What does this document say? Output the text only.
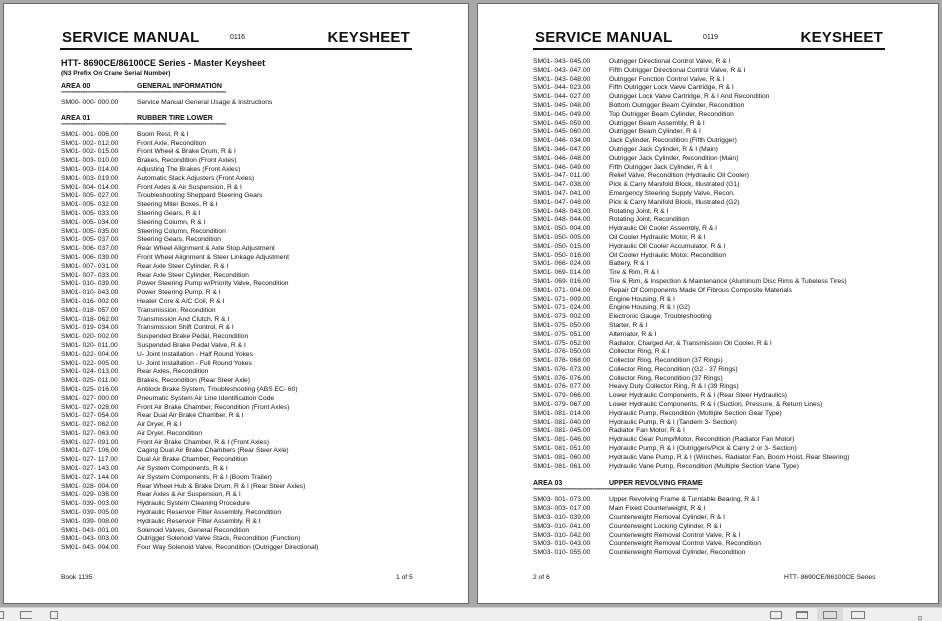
SERVICE MANUAL	0116	KEYSHEET
HTT- 8690CE/86100CE Series - Master Keysheet
(N3 Prefix On Crane Serial Number)
AREA 00	GENERAL INFORMATION
***********************************************************************************************
SM00- 000- 000.00	Service Manual General Usage & Instructions
AREA 01	RUBBER TIRE LOWER
***********************************************************************************************
SM01- 001- 006.00	Boom Rest, R & I
SM01- 002- 012.00	Front Axle, Recondition
SM01- 002- 015.00	Front Wheel & Brake Drum, R & I
SM01- 003- 010.00	Brakes, Recondition (Front Axles)
SM01- 003- 014.00	Adjusting The Brakes (Front Axles)
SM01- 003- 019.00	Automatic Slack Adjusters (Front Axles)
SM01- 004- 014.00	Front Axles & Air Suspension, R & I
SM01- 005- 027.00	Troubleshooting Sheppard Steering Gears
SM01- 005- 032.00	Steering Miter Boxes, R & I
SM01- 005- 033.00	Steering Gears, R & I
SM01- 005- 034.00	Steering Column, R & I
SM01- 005- 035.00	Steering Column, Recondition
SM01- 005- 037.00	Steering Gears, Recondition
SM01- 006- 037.00	Rear Wheel Alignment & Axle Stop Adjustment
SM01- 006- 039.00	Front Wheel Alignment & Steer Linkage Adjustment
SM01- 007- 031.00	Rear Axle Steer Cylinder, R & I
SM01- 007- 033.00	Rear Axle Steer Cylinder, Recondition
SM01- 010- 039.00	Power Steering Pump w/Priority Valve, Recondition
SM01- 010- 043.00	Power Steering Pump, R & I
SM01- 016- 002.00	Heater Core & A/C Coil, R & I
SM01- 018- 057.00	Transmission, Recondition
SM01- 018- 062.00	Transmission And Clutch, R & I
SM01- 019- 034.00	Transmission Shift Control, R & I
SM01- 020- 002.00	Suspended Brake Pedal, Recondition
SM01- 020- 011.00	Suspended Brake Pedal Valve, R & I
SM01- 022- 004.00	U- Joint Installation - Half Round Yokes
SM01- 022- 005.00	U- Joint Installation - Full Round Yokes
SM01- 024- 013.00	Rear Axles, Recondition
SM01- 025- 011.00	Brakes, Recondition (Rear Steer Axle)
SM01- 025- 016.00	Antilock Brake System, Troubleshooting (ABS EC- 60)
SM01- 027- 000.00	Pneumatic System Air Line Identification Code
SM01- 027- 028.00	Front Air Brake Chamber, Recondition (Front Axles)
SM01- 027- 054.00	Rear Dual Air Brake Chamber, R & I
SM01- 027- 062.00	Air Dryer, R & I
SM01- 027- 063.00	Air Dryer, Recondition
SM01- 027- 091.00	Front Air Brake Chamber, R & I (Front Axles)
SM01- 027- 106.00	Caging Dual Air Brake Chambers (Rear Steer Axle)
SM01- 027- 117.00	Dual Air Brake Chamber, Recondition
SM01- 027- 143.00	Air System Components, R & I
SM01- 027- 144.00	Air System Components, R & I (Boom Trailer)
SM01- 028- 004.00	Rear Wheel Hub & Brake Drum, R & I (Rear Steer Axles)
SM01- 029- 036.00	Rear Axles & Air Suspension, R & I
SM01- 039- 003.00	Hydraulic System Cleaning Procedure
SM01- 039- 005.00	Hydraulic Reservoir Filter Assembly, Recondition
SM01- 039- 008.00	Hydraulic Reservoir Filter Assembly, R & I
SM01- 043- 001.00	Solenoid Valves, General Recondition
SM01- 043- 003.00	Outrigger Solenoid Valve Stack, Recondition (Function)
SM01- 043- 004.00	Four Way Solenoid Valve, Recondition (Outrigger Directional)
Book 1135	1 of 5
SERVICE MANUAL	0119	KEYSHEET
SM01- 043- 045.00	Outrigger Directional Control Valve, R & I
SM01- 043- 047.00	Fifth Outrigger Directional Control Valve, R & I
SM01- 043- 048.00	Outrigger Function Control Valve, R & I
SM01- 044- 023.00	Fifth Outrigger Lock Valve Cartridge, R & I
SM01- 044- 027.00	Outrigger Lock Valve Cartridge, R & I And Recondition
SM01- 045- 048.00	Bottom Outrigger Beam Cylinder, Recondition
SM01- 045- 049.00	Top Outrigger Beam Cylinder, Recondition
SM01- 045- 059.00	Outrigger Beam Assembly, R & I
SM01- 045- 060.00	Outrigger Beam Cylinder, R & I
SM01- 046- 034.00	Jack Cylinder, Recondition (Fifth Outrigger)
SM01- 046- 047.00	Outrigger Jack Cylinder, R & I (Main)
SM01- 046- 048.00	Outrigger Jack Cylinder, Recondition (Main)
SM01- 046- 049.00	Fifth Outrigger Jack Cylinder, R & I
SM01- 047- 011.00	Relief Valve, Recondition (Hydraulic Oil Cooler)
SM01- 047- 038.00	Pick & Carry Manifold Block, Illustrated (G1)
SM01- 047- 041.00	Emergency Steering Supply Valve, Recon.
SM01- 047- 048.00	Pick & Carry Manifold Block, Illustrated (G2)
SM01- 048- 043.00	Rotating Joint, R & I
SM01- 048- 044.00	Rotating Joint, Recondition
SM01- 050- 004.00	Hydraulic Oil Cooler Assembly, R & I
SM01- 050- 005.00	Oil Cooler Hydraulic Motor, R & I
SM01- 050- 015.00	Hydraulic Oil Cooler Accumulator, R & I
SM01- 050- 016.00	Oil Cooler Hydraulic Motor, Recondition
SM01- 066- 024.00	Battery, R & I
SM01- 069- 014.00	Tire & Rim, R & I
SM01- 069- 016.00	Tire & Rim, & Inspection & Maintenance (Aluminum Disc Rims & Tubeless Tires)
SM01- 071- 004.00	Repair Of Components Made Of Fibrous Composite Materials
SM01- 071- 009.00	Engine Housing, R & I
SM01- 071- 024.00	Engine Housing, R & I (G2)
SM01- 073- 002.00	Electronic Gauge, Troubleshooting
SM01- 075- 050.00	Starter, R & I
SM01- 075- 051.00	Alternator, R & I
SM01- 075- 052.00	Radiator, Charged Air, & Transmission Oil Cooler, R & I
SM01- 076- 050.00	Collector Ring, R & I
SM01- 076- 068.00	Collector Ring, Recondition (37 Rings)
SM01- 076- 073.00	Collector Ring, Recondition (G2 - 37 Rings)
SM01- 076- 076.00	Collector Ring, Recondition (37 Rings)
SM01- 076- 077.00	Heavy Duty Collector Ring, R & I (39 Rings)
SM01- 079- 066.00	Lower Hydraulic Components, R & I (Rear Steer Hydraulics)
SM01- 079- 067.00	Lower Hydraulic Components, R & I (Suction, Pressure, & Return Lines)
SM01- 081- 014.00	Hydraulic Pump, Recondition (Multiple Section Gear Type)
SM01- 081- 040.00	Hydraulic Pump, R & I (Tandem 3- Section)
SM01- 081- 045.00	Radiator Fan Motor, R & I
SM01- 081- 046.00	Hydraulic Gear Pump/Motor, Recondition (Radiator Fan Motor)
SM01- 081- 051.00	Hydraulic Pump, R & I (Outriggers/Pick & Carry 2 or 3- Section)
SM01- 081- 060.00	Hydraulic Vane Pump, R & I (Winches, Radiator Fan, Boom Hoist, Rear Steering)
SM01- 081- 061.00	Hydraulic Vane Pump, Recondition (Multiple Section Vane Type)
AREA 03	UPPER REVOLVING FRAME
***********************************************************************************************
SM03- 001- 073.00	Upper Revolving Frame & Turntable Bearing, R & I
SM03- 003- 017.00	Main Fixed Counterweight, R & I
SM03- 010- 039.00	Counterweight Removal Cylinder, R & I
SM03- 010- 041.00	Counterweight Locking Cylinder, R & I
SM03- 010- 042.00	Counterweight Removal Control Valve, R & I
SM03- 010- 043.00	Counterweight Removal Control Valve, Recondition
SM03- 010- 055.00	Counterweight Removal Cylinder, Recondition
2 of 6	HTT- 8690CE/86100CE Series
